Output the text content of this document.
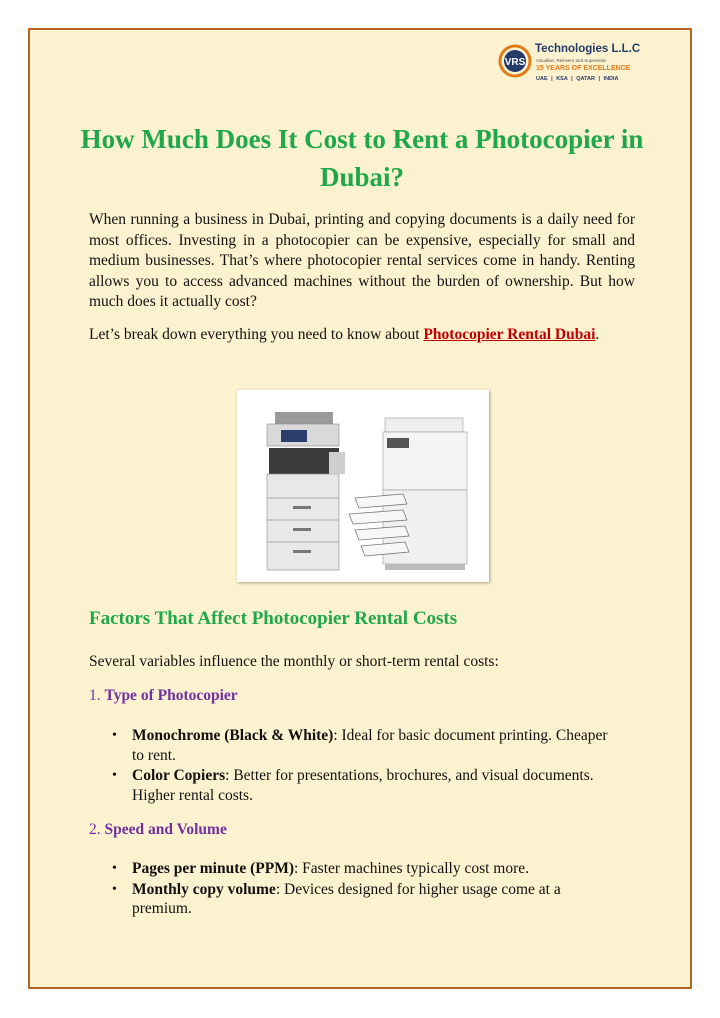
VRS
Technologies L.L.C
Visualise, Reinvent and Supersede
15 YEARS OF EXCELLENCE
UAE | KSA | QATAR | INDIA
How Much Does It Cost to Rent a Photocopier in Dubai?

When running a business in Dubai, printing and copying documents is a daily need for most offices. Investing in a photocopier can be expensive, especially for small and medium businesses. That’s where photocopier rental services come in handy. Renting allows you to access advanced machines without the burden of ownership. But how much does it actually cost?

Let’s break down everything you need to know about Photocopier Rental Dubai.

Factors That Affect Photocopier Rental Costs

Several variables influence the monthly or short-term rental costs:

1. Type of Photocopier
• Monochrome (Black & White): Ideal for basic document printing. Cheaper to rent.
• Color Copiers: Better for presentations, brochures, and visual documents. Higher rental costs.
2. Speed and Volume
• Pages per minute (PPM): Faster machines typically cost more.
• Monthly copy volume: Devices designed for higher usage come at a premium.
